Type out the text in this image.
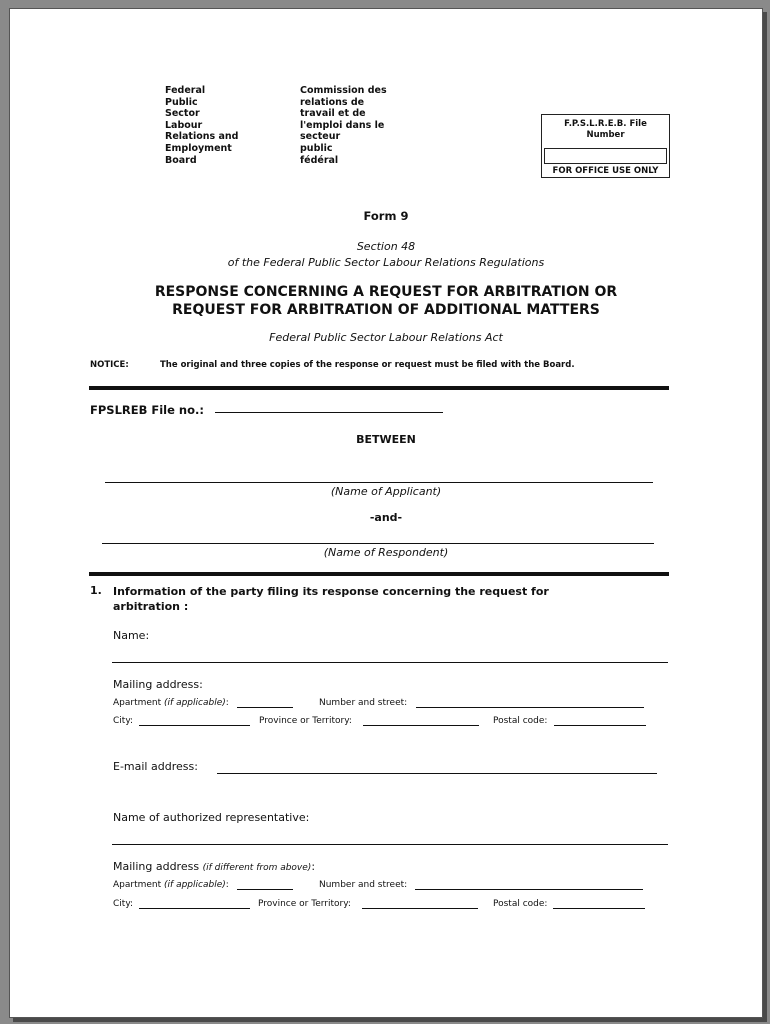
Federal
Public
Sector
Labour
Relations and
Employment
Board
Commission des
relations de
travail et de
l'emploi dans le
secteur
public
fédéral
F.P.S.L.R.E.B. File
Number
FOR OFFICE USE ONLY
Form 9
Section 48
of the Federal Public Sector Labour Relations Regulations
RESPONSE CONCERNING A REQUEST FOR ARBITRATION OR
REQUEST FOR ARBITRATION OF ADDITIONAL MATTERS
Federal Public Sector Labour Relations Act
NOTICE:	The original and three copies of the response or request must be filed with the Board.
FPSLREB File no.:
BETWEEN
(Name of Applicant)
-and-
(Name of Respondent)
1. Information of the party filing its response concerning the request for arbitration :
Name:
Mailing address:
Apartment (if applicable):	Number and street:
City:	Province or Territory:	Postal code:
E-mail address:
Name of authorized representative:
Mailing address (if different from above):
Apartment (if applicable):	Number and street:
City:	Province or Territory:	Postal code:
